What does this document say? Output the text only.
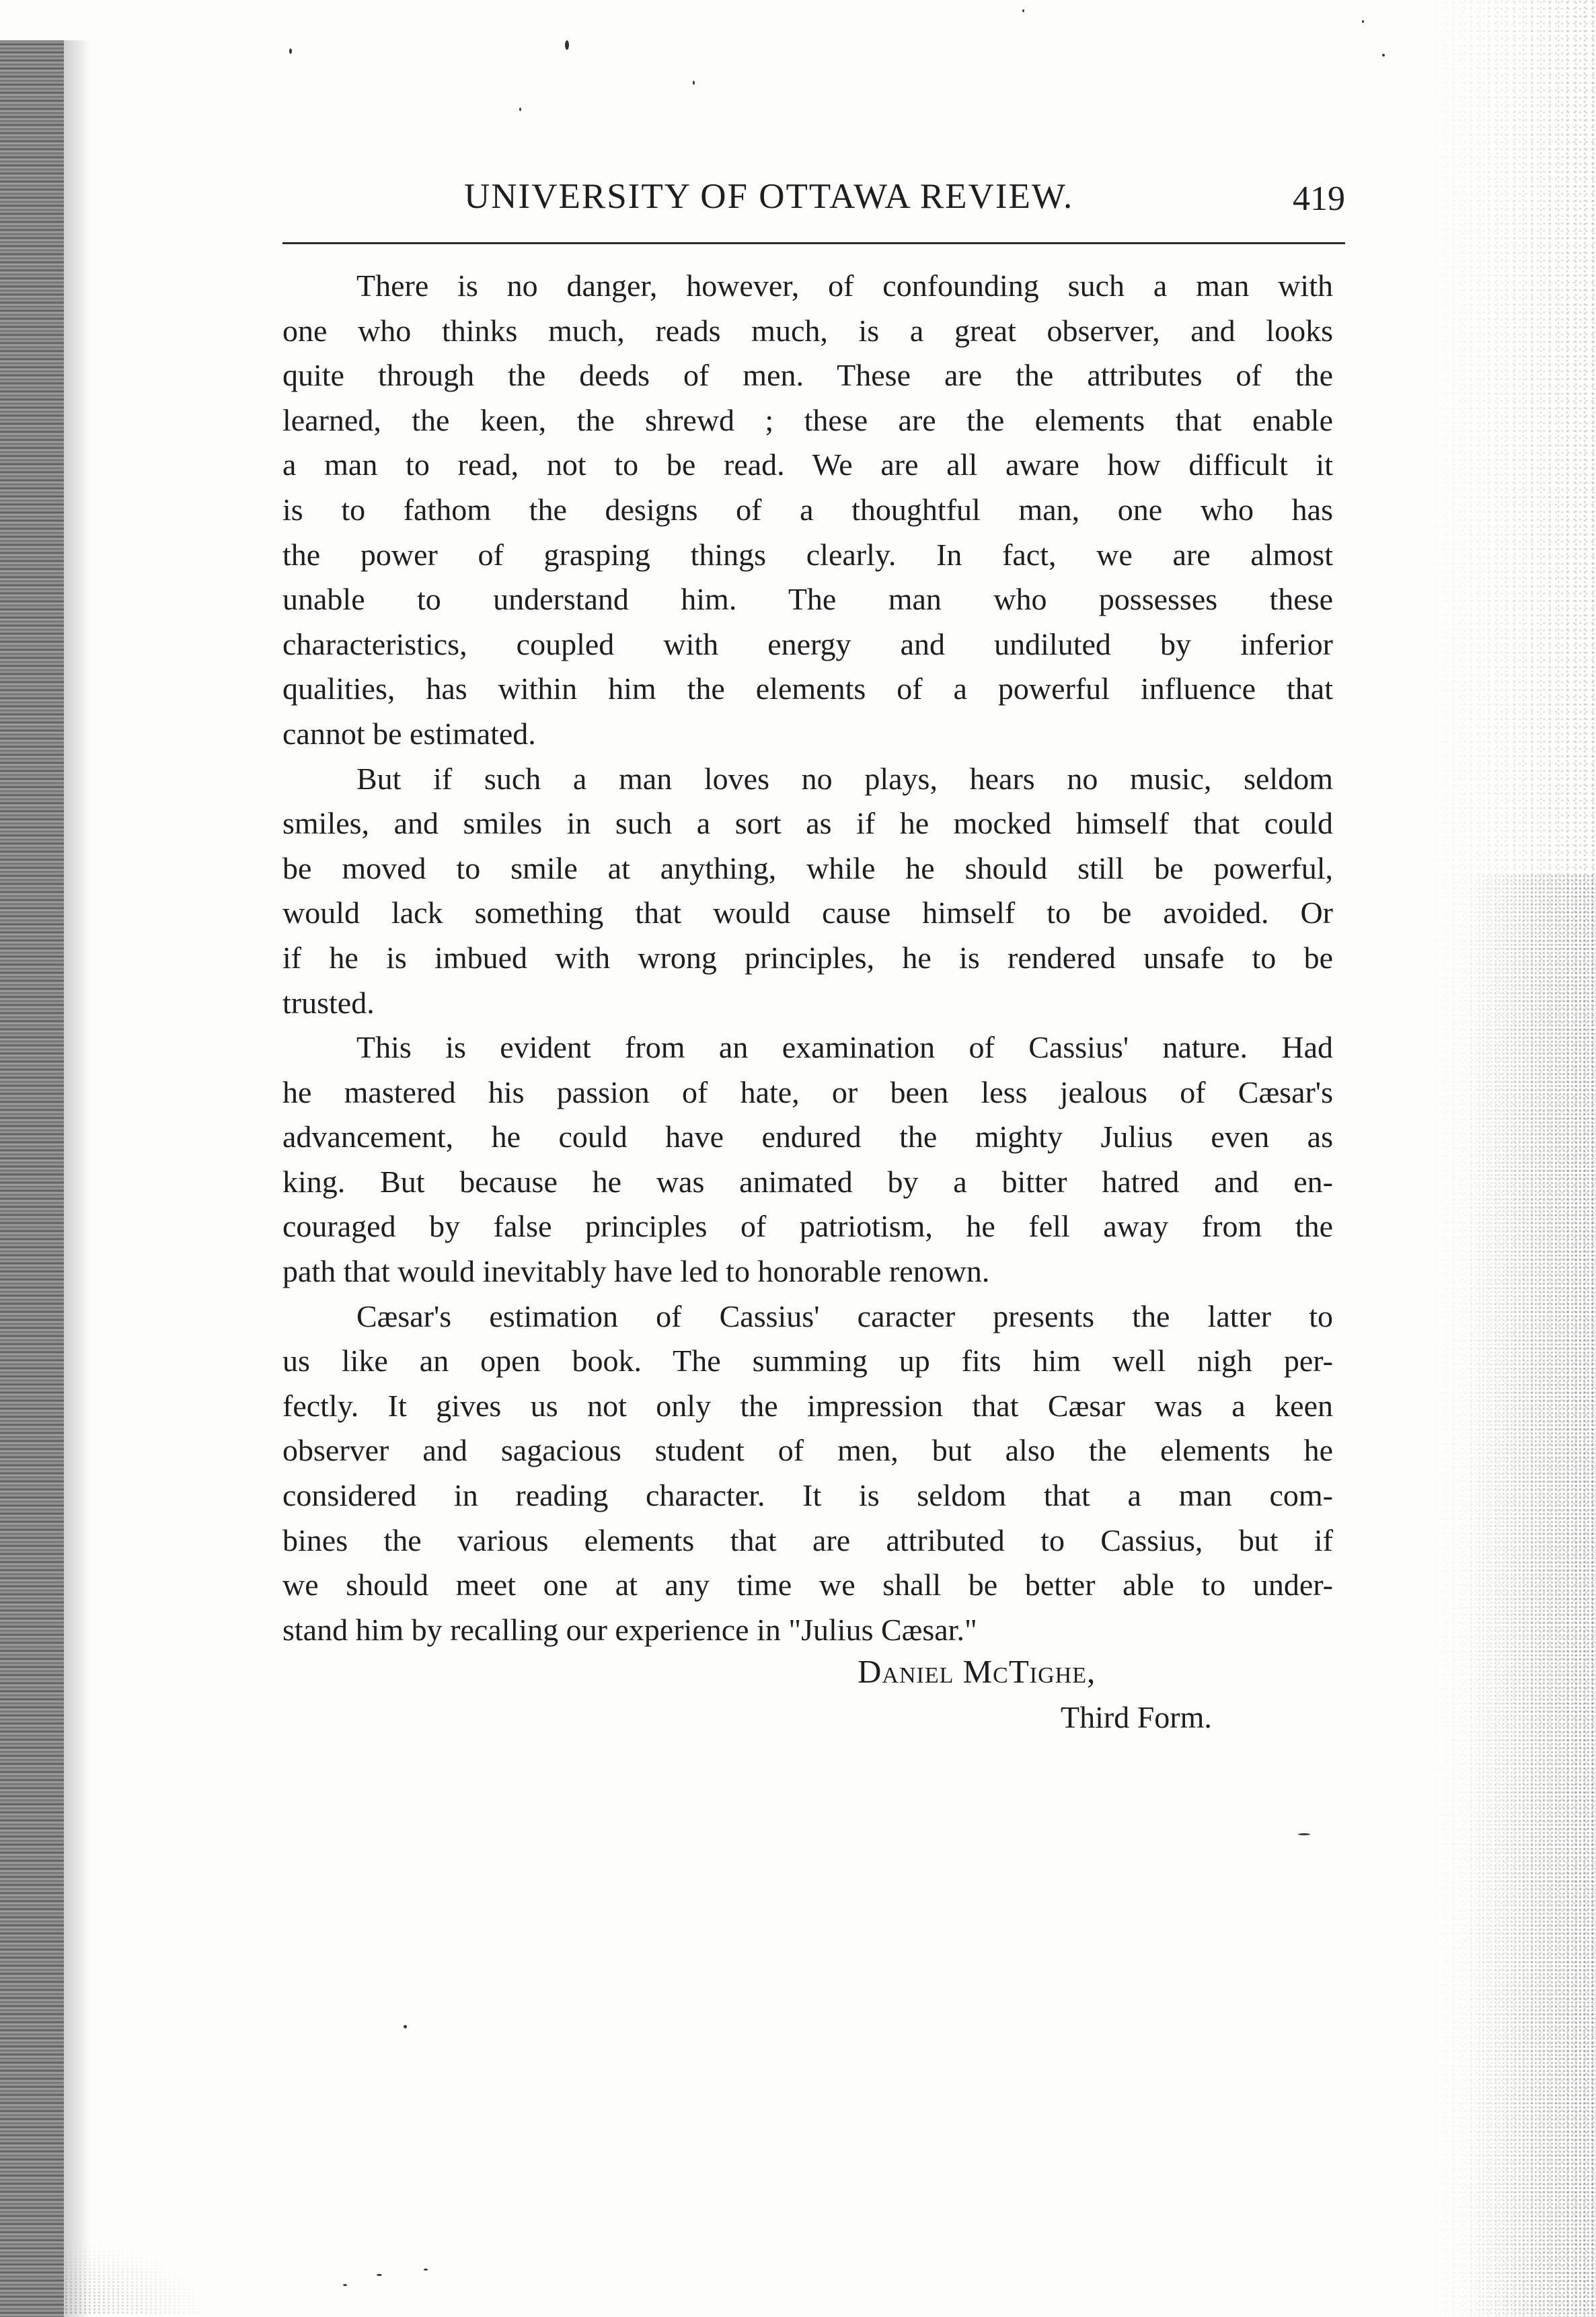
UNIVERSITY OF OTTAWA REVIEW.	419
There is no danger, however, of confounding such a man with
one who thinks much, reads much, is a great observer, and looks
quite through the deeds of men. These are the attributes of the
learned, the keen, the shrewd ; these are the elements that enable
a man to read, not to be read. We are all aware how difficult it
is to fathom the designs of a thoughtful man, one who has
the power of grasping things clearly. In fact, we are almost
unable to understand him. The man who possesses these
characteristics, coupled with energy and undiluted by inferior
qualities, has within him the elements of a powerful influence that
cannot be estimated.
But if such a man loves no plays, hears no music, seldom
smiles, and smiles in such a sort as if he mocked himself that could
be moved to smile at anything, while he should still be powerful,
would lack something that would cause himself to be avoided. Or
if he is imbued with wrong principles, he is rendered unsafe to be
trusted.
This is evident from an examination of Cassius' nature. Had
he mastered his passion of hate, or been less jealous of Cæsar's
advancement, he could have endured the mighty Julius even as
king. But because he was animated by a bitter hatred and en-
couraged by false principles of patriotism, he fell away from the
path that would inevitably have led to honorable renown.
Cæsar's estimation of Cassius' caracter presents the latter to
us like an open book. The summing up fits him well nigh per-
fectly. It gives us not only the impression that Cæsar was a keen
observer and sagacious student of men, but also the elements he
considered in reading character. It is seldom that a man com-
bines the various elements that are attributed to Cassius, but if
we should meet one at any time we shall be better able to under-
stand him by recalling our experience in "Julius Cæsar."
Daniel McTighe,
Third Form.
